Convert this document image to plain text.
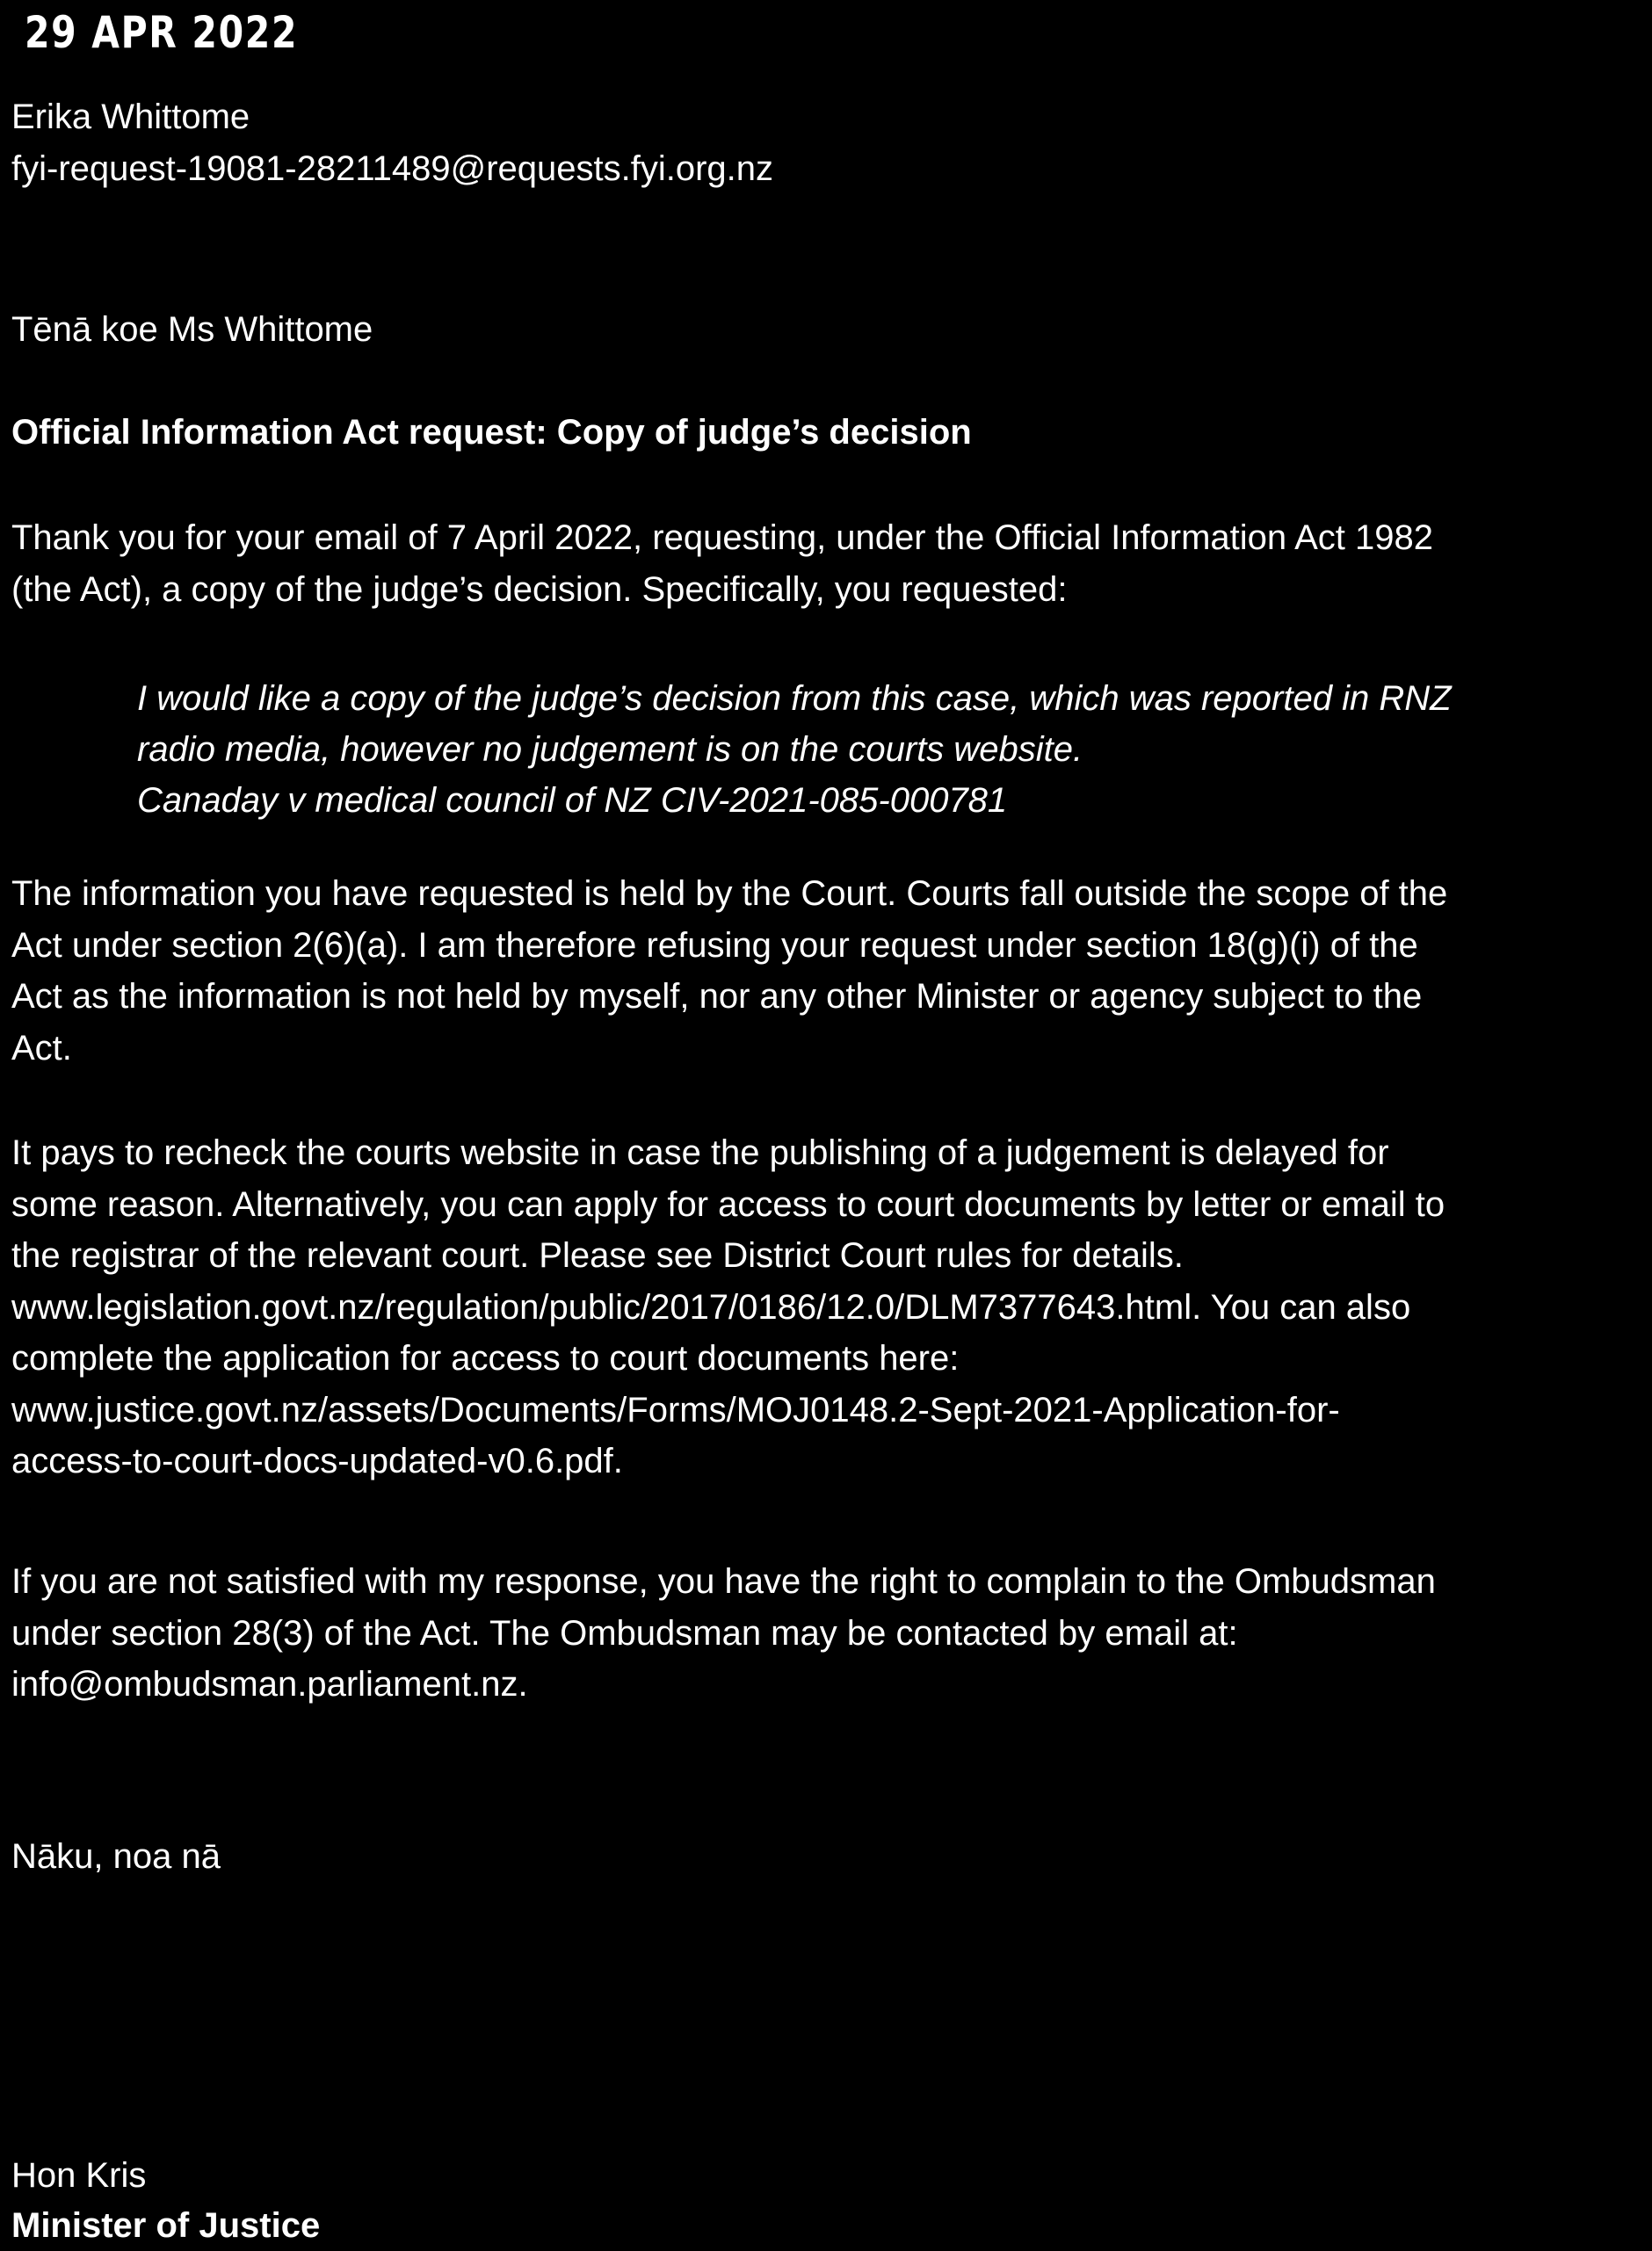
29 APR 2022
Erika Whittome
fyi-request-19081-28211489@requests.fyi.org.nz
Tēnā koe Ms Whittome
Official Information Act request: Copy of judge’s decision

Thank you for your email of 7 April 2022, requesting, under the Official Information Act 1982

(the Act), a copy of the judge’s decision. Specifically, you requested:

I would like a copy of the judge’s decision from this case, which was reported in RNZ

radio media, however no judgement is on the courts website.

Canaday v medical council of NZ CIV-2021-085-000781

The information you have requested is held by the Court. Courts fall outside the scope of the

Act under section 2(6)(a). I am therefore refusing your request under section 18(g)(i) of the

Act as the information is not held by myself, nor any other Minister or agency subject to the

Act.

It pays to recheck the courts website in case the publishing of a judgement is delayed for

some reason. Alternatively, you can apply for access to court documents by letter or email to

the registrar of the relevant court. Please see District Court rules for details.

www.legislation.govt.nz/regulation/public/2017/0186/12.0/DLM7377643.html. You can also

complete the application for access to court documents here:

www.justice.govt.nz/assets/Documents/Forms/MOJ0148.2-Sept-2021-Application-for-

access-to-court-docs-updated-v0.6.pdf.

If you are not satisfied with my response, you have the right to complain to the Ombudsman

under section 28(3) of the Act. The Ombudsman may be contacted by email at:

info@ombudsman.parliament.nz.

Nāku, noa nā
Hon Kris
Minister of Justice
